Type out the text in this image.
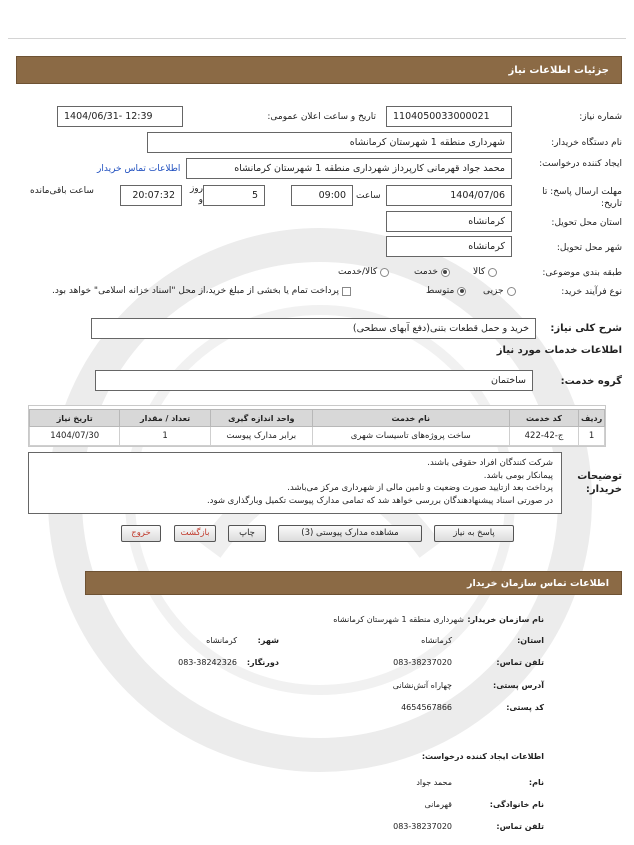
جزئیات اطلاعات نیاز
شماره نیاز:
1104050033000021
تاریخ و ساعت اعلان عمومی:
1404/06/31- 12:39
نام دستگاه خریدار:
شهرداری منطقه 1 شهرستان کرمانشاه
ایجاد کننده درخواست:
محمد جواد قهرمانی کارپرداز شهرداری منطقه 1 شهرستان کرمانشاه
اطلاعات تماس خریدار
مهلت ارسال پاسخ: تا تاریخ:
1404/07/06
ساعت
09:00
5
روز و
20:07:32
ساعت باقی‌مانده
استان محل تحویل:
کرمانشاه
شهر محل تحویل:
کرمانشاه
طبقه بندی موضوعی:
کالا
خدمت
کالا/خدمت
نوع فرآیند خرید:
جزیی
متوسط
پرداخت تمام یا بخشی از مبلغ خرید،از محل "اسناد خزانه اسلامی" خواهد بود.
شرح کلی نیاز:
خرید و حمل قطعات بتنی(دفع آبهای سطحی)
اطلاعات خدمات مورد نیاز
گروه خدمت:
ساختمان
ردیف	کد خدمت	نام خدمت	واحد اندازه گیری	تعداد / مقدار	تاریخ نیاز
1	ج-42-422	ساخت پروژه‌های تاسیسات شهری	برابر مدارک پیوست	1	1404/07/30
توضیحات خریدار:
شرکت کنندگان افراد حقوقی باشند.
پیمانکار بومی باشد.
پرداخت بعد ازتایید صورت وضعیت و تامین مالی از شهرداری مرکز می‌باشد.
در صورتی اسناد پیشنهادهندگان بررسی خواهد شد که تمامی مدارک پیوست تکمیل وبارگذاری شود.
پاسخ به نیاز
مشاهده مدارک پیوستی (3)
چاپ
بازگشت
خروج
اطلاعات تماس سازمان خریدار
نام سازمان خریدار:
شهرداری منطقه 1 شهرستان کرمانشاه
استان:
کرمانشاه
شهر:
کرمانشاه
تلفن تماس:
083-38237020
دورنگار:
083-38242326
آدرس پستی:
چهاراه آتش‌نشانی
کد پستی:
4654567866
اطلاعات ایجاد کننده درخواست:
نام:
محمد جواد
نام خانوادگی:
قهرمانی
تلفن تماس:
083-38237020
